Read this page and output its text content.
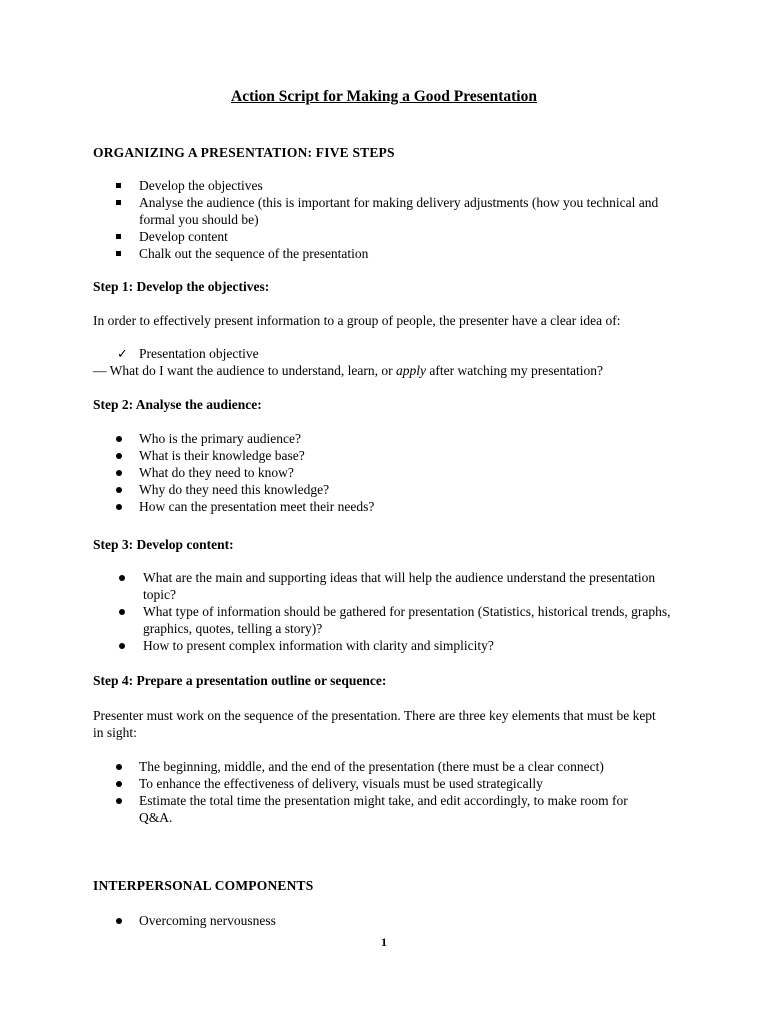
Action Script for Making a Good Presentation
ORGANIZING A PRESENTATION: FIVE STEPS
Develop the objectives
Analyse the audience (this is important for making delivery adjustments (how you technical and formal you should be)
Develop content
Chalk out the sequence of the presentation
Step 1: Develop the objectives:
In order to effectively present information to a group of people, the presenter have a clear idea of:
✓ Presentation objective
— What do I want the audience to understand, learn, or apply after watching my presentation?
Step 2: Analyse the audience:
Who is the primary audience?
What is their knowledge base?
What do they need to know?
Why do they need this knowledge?
How can the presentation meet their needs?
Step 3: Develop content:
What are the main and supporting ideas that will help the audience understand the presentation topic?
What type of information should be gathered for presentation (Statistics, historical trends, graphs, graphics, quotes, telling a story)?
How to present complex information with clarity and simplicity?
Step 4: Prepare a presentation outline or sequence:
Presenter must work on the sequence of the presentation. There are three key elements that must be kept in sight:
The beginning, middle, and the end of the presentation (there must be a clear connect)
To enhance the effectiveness of delivery, visuals must be used strategically
Estimate the total time the presentation might take, and edit accordingly, to make room for Q&A.
INTERPERSONAL COMPONENTS
Overcoming nervousness
1
